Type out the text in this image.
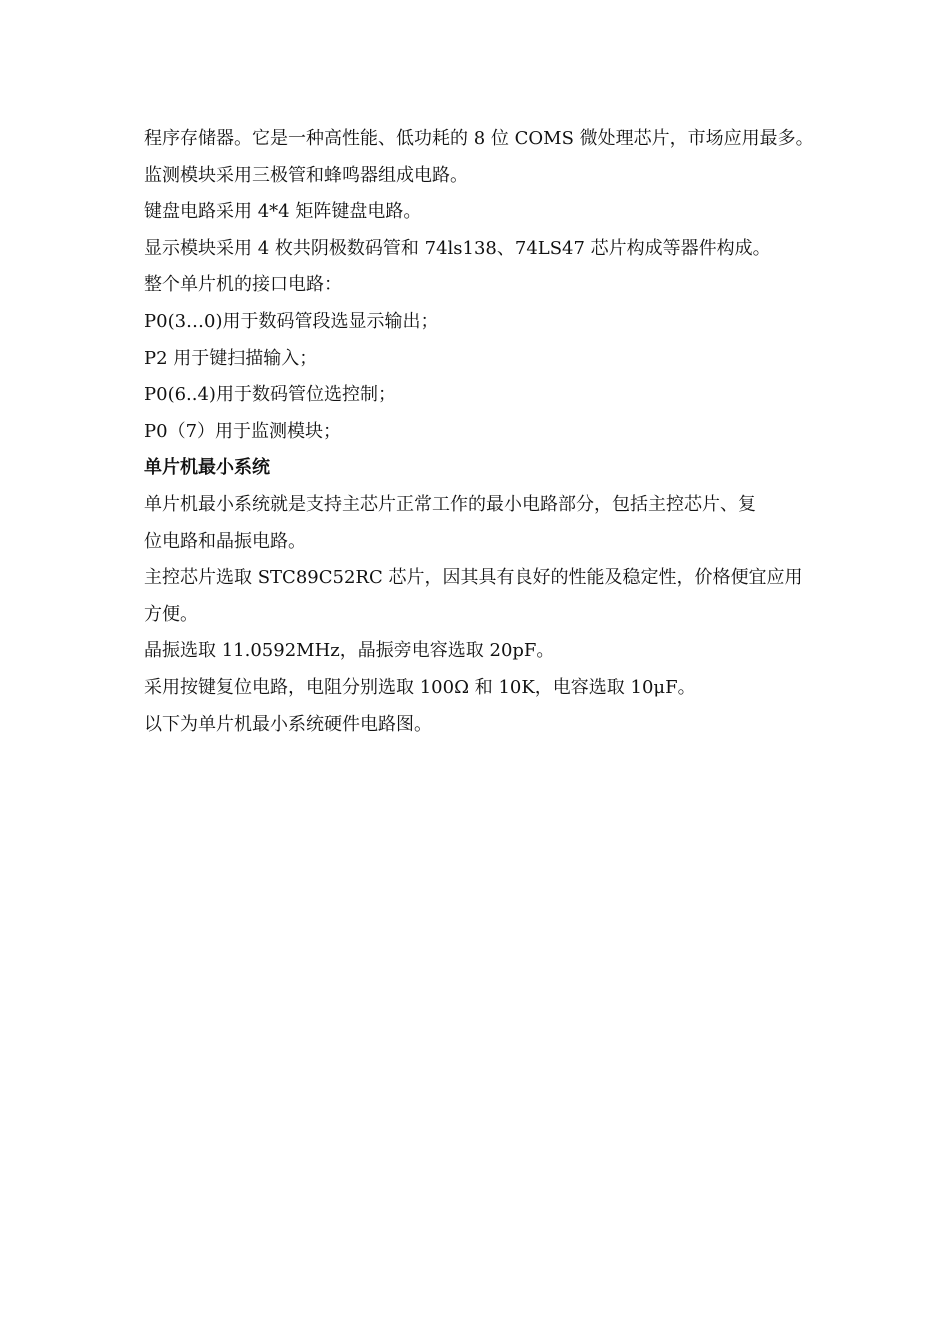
程序存储器。它是一种高性能、低功耗的 8 位 COMS 微处理芯片，市场应用最多。
监测模块采用三极管和蜂鸣器组成电路。
键盘电路采用 4*4 矩阵键盘电路。
显示模块采用 4 枚共阴极数码管和 74ls138、74LS47 芯片构成等器件构成。
整个单片机的接口电路：
P0(3…0)用于数码管段选显示输出；
P2 用于键扫描输入；
P0(6..4)用于数码管位选控制；
P0（7）用于监测模块；
单片机最小系统
单片机最小系统就是支持主芯片正常工作的最小电路部分，包括主控芯片、复
位电路和晶振电路。
主控芯片选取 STC89C52RC 芯片，因其具有良好的性能及稳定性，价格便宜应用
方便。
晶振选取 11.0592MHz，晶振旁电容选取 20pF。
采用按键复位电路，电阻分别选取 100Ω 和 10K，电容选取 10μF。
以下为单片机最小系统硬件电路图。
